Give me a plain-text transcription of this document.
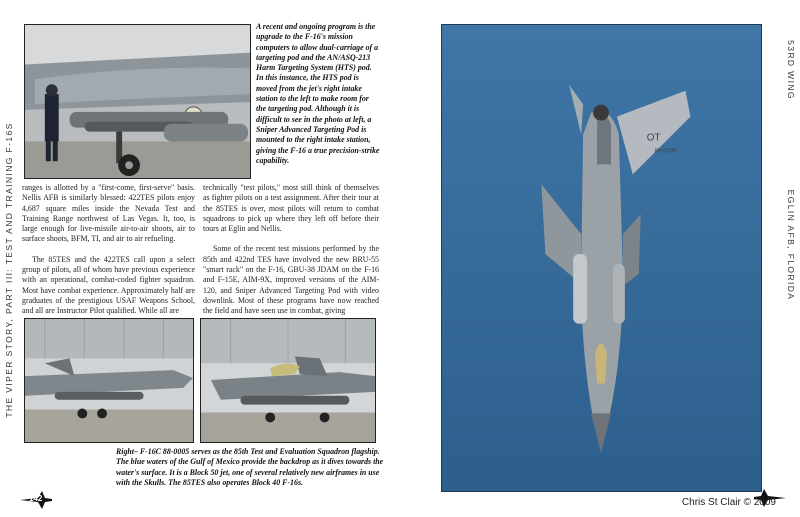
THE VIPER STORY, PART III: TEST AND TRAINING F-16S
53RD WING
EGLIN AFB, FLORIDA
A recent and ongoing program is the upgrade to the F-16's mission computers to allow dual-carriage of a targeting pod and the AN/ASQ-213 Harm Targeting System (HTS) pod. In this instance, the HTS pod is moved from the jet's right intake station to the left to make room for the targeting pod. Although it is difficult to see in the photo at left, a Sniper Advanced Targeting Pod is mounted to the right intake station, giving the F-16 a true precision-strike capability.

ranges is allotted by a "first-come, first-serve" basis. Nellis AFB is similarly blessed: 422TES pilots enjoy 4,687 square miles inside the Nevada Test and Training Range northwest of Las Vegas. It, too, is large enough for live-missile air-to-air shoots, air to surface shoots, BFM, TI, and air to air refueling.

The 85TES and the 422TES call upon a select group of pilots, all of whom have previous experience with an operational, combat-coded fighter squadron. Most have combat experience. Approximately half are graduates of the prestigious USAF Weapons School, and all are Instructor Pilot qualified. While all are

technically "test pilots," most still think of themselves as fighter pilots on a test assignment. After their tour at the 85TES is over, most pilots will return to combat squadrons to pick up where they left off before their tours at Eglin and Nellis.

Some of the recent test missions performed by the 85th and 422nd TES have involved the new BRU-55 "smart rack" on the F-16, GBU-38 JDAM on the F-16 and F-15E, AIM-9X, improved versions of the AIM-120, and Sniper Advanced Targeting Pod with video downlink. Most of these programs have now reached the field and have seen use in combat, giving

Right– F-16C 88-0005 serves as the 85th Test and Evaluation Squadron flagship. The blue waters of the Gulf of Mexico provide the backdrop as it dives towards the water's surface. It is a Block 50 jet, one of several relatively new airframes in use with the Skulls. The 85TES also operates Block 40 F-16s.
OT
88-0005
142	Chris St Clair © 2009
